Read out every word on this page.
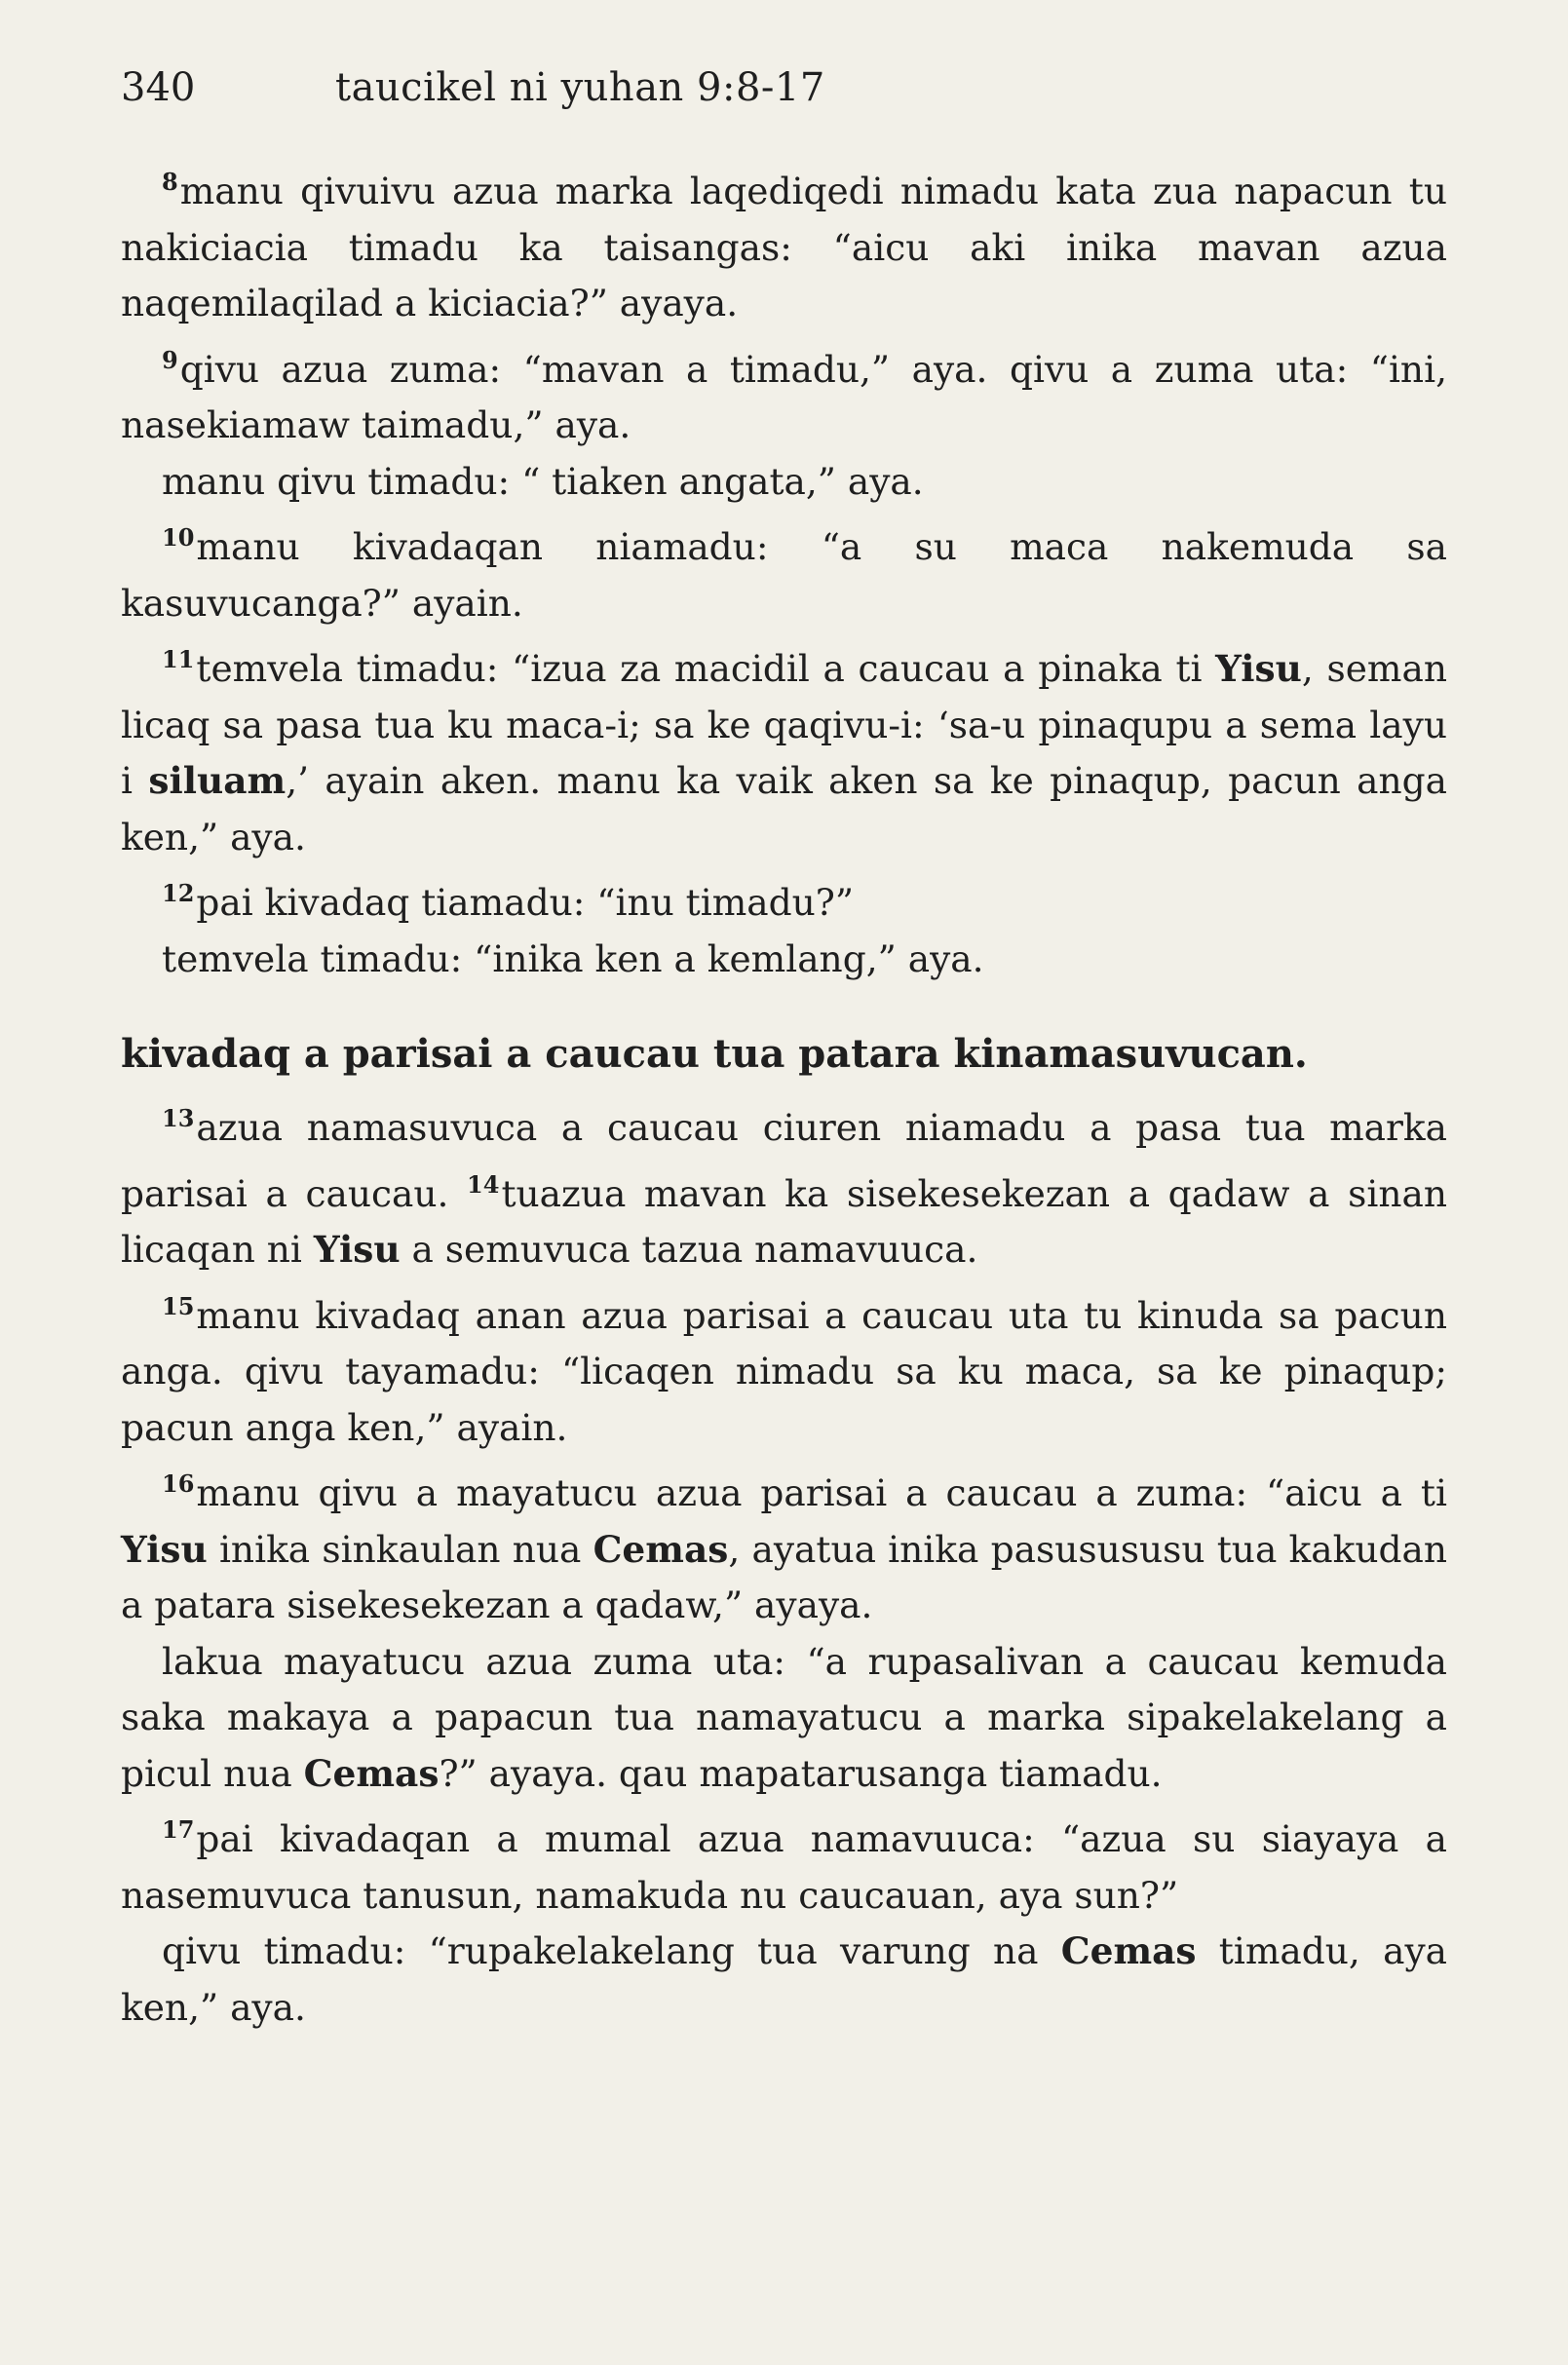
340	taucikel ni yuhan 9:8-17

$^8$manu qivuivu azua marka laqediqedi nimadu kata zua napacun tu nakiciacia timadu ka taisangas: “aicu aki inika mavan azua naqemilaqilad a kiciacia?” ayaya.

$^9$qivu azua zuma: “mavan a timadu,” aya. qivu a zuma uta: “ini, nasekiamaw taimadu,” aya.

manu qivu timadu: “ tiaken angata,” aya.

$^{10}$manu kivadaqan niamadu: “a su maca nakemuda sa kasuvucanga?” ayain.

$^{11}$temvela timadu: “izua za macidil a caucau a pinaka ti Yisu, seman licaq sa pasa tua ku maca-i; sa ke qaqivu-i: ‘sa-u pinaqupu a sema layu i siluam,’ ayain aken. manu ka vaik aken sa ke pinaqup, pacun anga ken,” aya.

$^{12}$pai kivadaq tiamadu: “inu timadu?”

temvela timadu: “inika ken a kemlang,” aya.

kivadaq a parisai a caucau tua patara kinamasuvucan.

$^{13}$azua namasuvuca a caucau ciuren niamadu a pasa tua marka parisai a caucau. $^{14}$tuazua mavan ka sisekesekezan a qadaw a sinan licaqan ni Yisu a semuvuca tazua namavuuca.

$^{15}$manu kivadaq anan azua parisai a caucau uta tu kinuda sa pacun anga. qivu tayamadu: “licaqen nimadu sa ku maca, sa ke pinaqup; pacun anga ken,” ayain.

$^{16}$manu qivu a mayatucu azua parisai a caucau a zuma: “aicu a ti Yisu inika sinkaulan nua Cemas, ayatua inika pasusususu tua kakudan a patara sisekesekezan a qadaw,” ayaya.

lakua mayatucu azua zuma uta: “a rupasalivan a caucau kemuda saka makaya a papacun tua namayatucu a marka sipakelakelang a picul nua Cemas?” ayaya. qau mapatarusanga tiamadu.

$^{17}$pai kivadaqan a mumal azua namavuuca: “azua su siayaya a nasemuvuca tanusun, namakuda nu caucauan, aya sun?”

qivu timadu: “rupakelakelang tua varung na Cemas timadu, aya ken,” aya.
